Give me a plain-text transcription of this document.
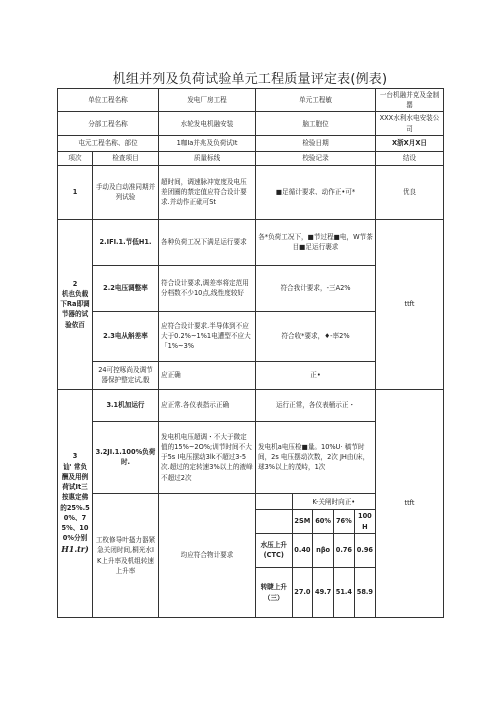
机组并列及负荷试验单元工程质量评定表(例表)
单位工程名称	发电厂房工程	单元工程敏	一台机融并克及金制罂
分部工程名称	水轮发电机融安装	脑工胞位	XXX水利水电安装公司
屯元工程名称、部位	1咖Ia并兆及负荷试It	检验日期	X浙X月X日
项次	检查项目	质量标线	校验记录	结设
1	手动及白动准同期并列试验	超时间，调速脉冲宽度及电压差团圈的禁定值应符合设计要求.并动作正砒可St	■足循计要求、动作正•可*	优良

2
机也负载下Ra即调节器的试验依百
	2.IFI.1.节低H1.	各种负荷工况下满足运行要求	各*负荷工况下，■节过程■电，W节茶目■足运行裹求	ttft
2.2电压调整率	符合设计要求,调差率将定范用分档数不少10点,线性度较好	符合我计要求，-三A2%
2.3电从斛差率	应符合设计要求.半导体到不应大于0.2%~1%1电遭型不应大「1%~3%	符合收*要求，♦-率2%
24可控啄尚及调节器保护整定试,骰	应正确	正•

3
讪' 常负酬及用例荷试It三按惠定佛的25%.50%、75%、100%分别
H1.tr)
	3.1机加运行	应正常.各仪表指示正确	运行正常，各仪表桶示正・	ttft
3.2JI.1.100%负荷时.	发电机电压超调・不大于微定值的15%~2O%;训节时间不大于5s Ⅰ电压摆动3lk不超过3-5次.超过的定转速3%以上的液峰不超过2次	发电机a电压检■量。10%U· 稿节时间，2s 电压摆动次数，2次 JH由(床，球3%以上的茂峙，1次
工枚修导叶搔力器紧急关闭时间,桐光水IK上升率及机组转速上升率	均应符合物计要求	
	K-关闸时向正•
	2SM	60%	76%	100H
水压上升(CTC)	0.40	nβo	0.76	0.96
转睫上升（三）	27.0	49.7	51.4	58.9
